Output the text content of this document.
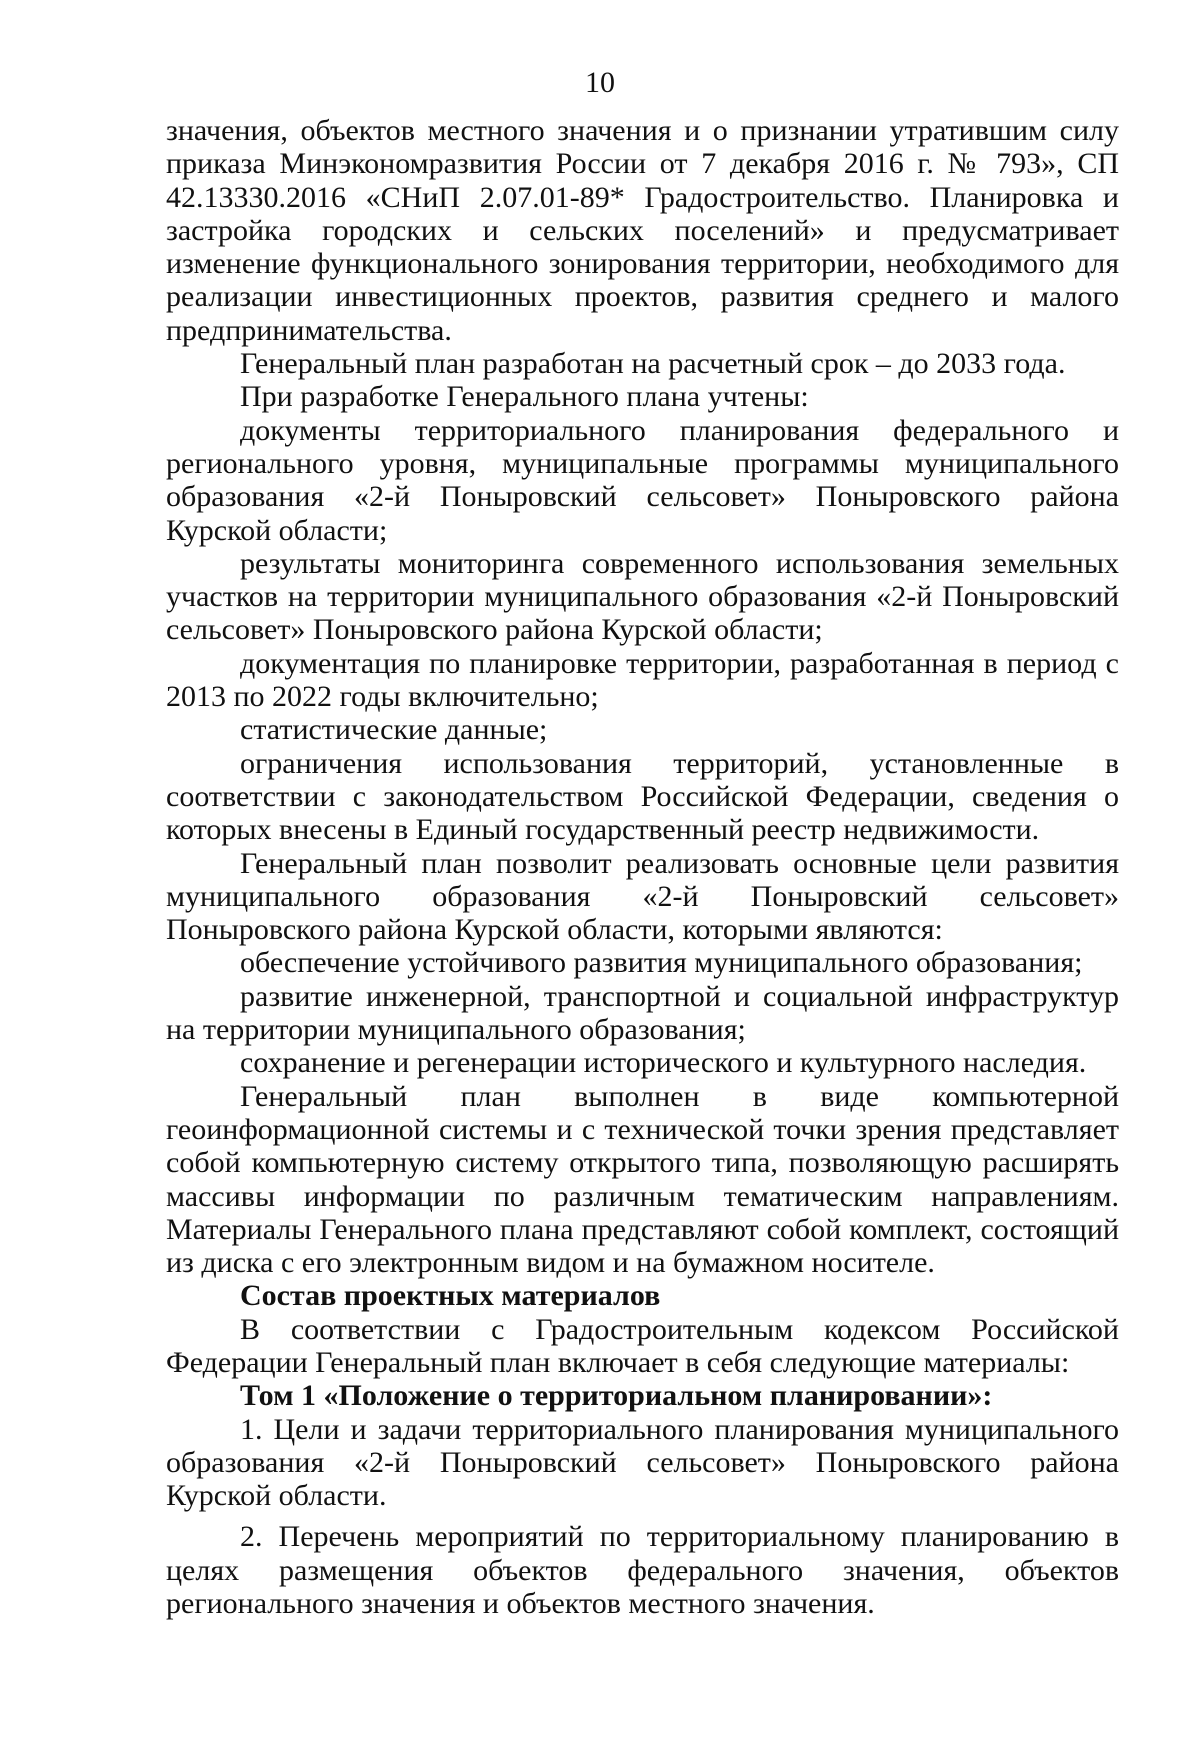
10

значения, объектов местного значения и о признании утратившим силу приказа Минэкономразвития России от 7 декабря 2016 г. № 793», СП 42.13330.2016 «СНиП 2.07.01-89* Градостроительство. Планировка и застройка городских и сельских поселений» и предусматривает изменение функционального зонирования территории, необходимого для реализации инвестиционных проектов, развития среднего и малого предпринимательства.

Генеральный план разработан на расчетный срок – до 2033 года.

При разработке Генерального плана учтены:

документы территориального планирования федерального и регионального уровня, муниципальные программы муниципального образования «2-й Поныровский сельсовет» Поныровского района Курской области;

результаты мониторинга современного использования земельных участков на территории муниципального образования «2-й Поныровский сельсовет» Поныровского района Курской области;

документация по планировке территории, разработанная в период с 2013 по 2022 годы включительно;

статистические данные;

ограничения использования территорий, установленные в соответствии с законодательством Российской Федерации, сведения о которых внесены в Единый государственный реестр недвижимости.

Генеральный план позволит реализовать основные цели развития муниципального образования «2-й Поныровский сельсовет» Поныровского района Курской области, которыми являются:

обеспечение устойчивого развития муниципального образования;

развитие инженерной, транспортной и социальной инфраструктур на территории муниципального образования;

сохранение и регенерации исторического и культурного наследия.

Генеральный план выполнен в виде компьютерной геоинформационной системы и с технической точки зрения представляет собой компьютерную систему открытого типа, позволяющую расширять массивы информации по различным тематическим направлениям. Материалы Генерального плана представляют собой комплект, состоящий из диска с его электронным видом и на бумажном носителе.

Состав проектных материалов

В соответствии с Градостроительным кодексом Российской Федерации Генеральный план включает в себя следующие материалы:

Том 1 «Положение о территориальном планировании»:

1. Цели и задачи территориального планирования муниципального образования «2-й Поныровский сельсовет» Поныровского района Курской области.

2. Перечень мероприятий по территориальному планированию в целях размещения объектов федерального значения, объектов регионального значения и объектов местного значения.
